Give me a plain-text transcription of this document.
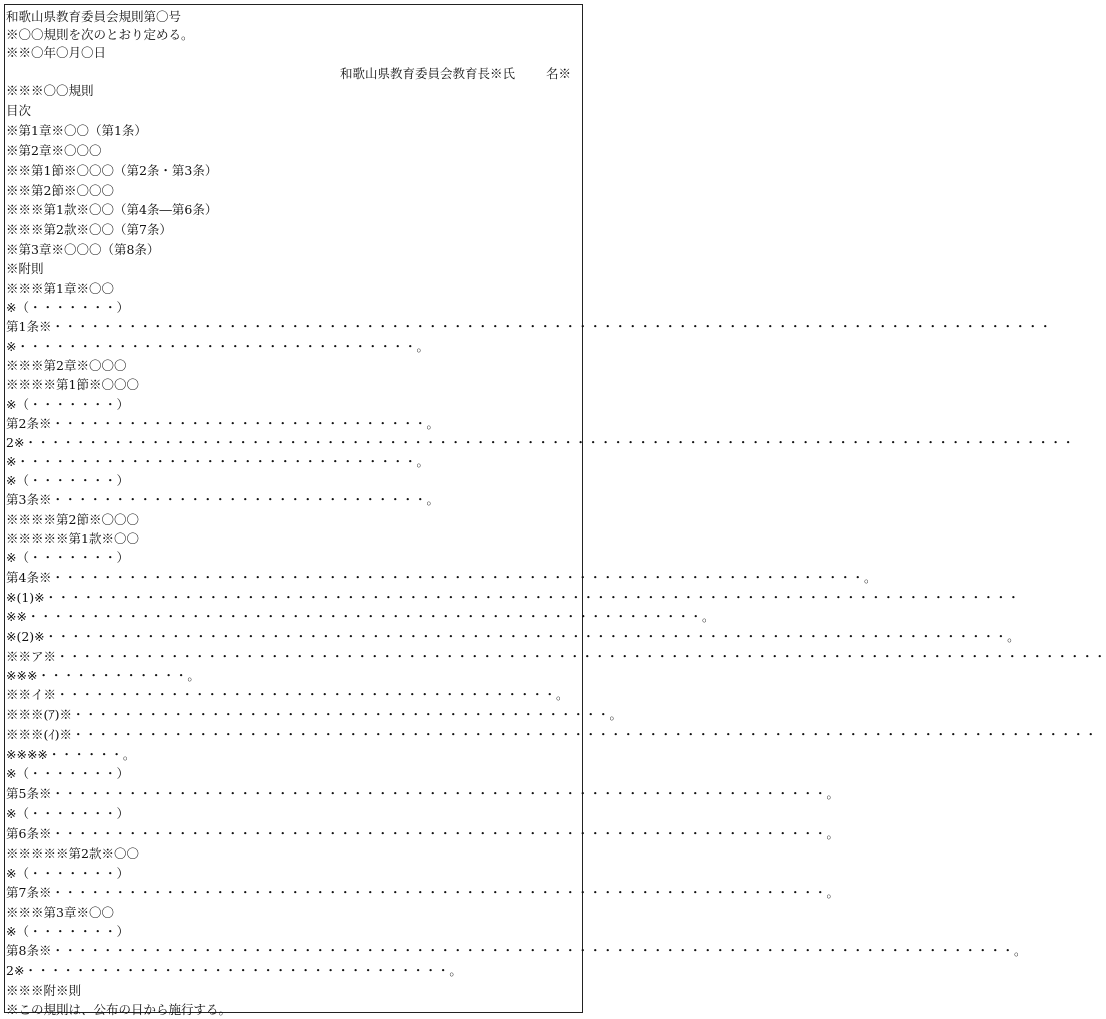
和歌山県教育委員会規則第〇号
※〇〇規則を次のとおり定める。
※※〇年〇月〇日
※※※〇〇規則
目次
※第1章※〇〇（第1条）
※第2章※〇〇〇
※※第1節※〇〇〇（第2条・第3条）
※※第2節※〇〇〇
※※※第1款※〇〇（第4条―第6条）
※※※第2款※〇〇（第7条）
※第3章※〇〇〇（第8条）
※附則
※※※第1章※〇〇
※（・・・・・・・）
第1条※・・・・・・・・・・・・・・・・・・・・・・・・・・・・・・・・・・・・・・・・・・・・・・・・・・・・・・・・・・・・・・・・・・・・・・・・・・・・・・・・
※・・・・・・・・・・・・・・・・・・・・・・・・・・・・・・・・。
※※※第2章※〇〇〇
※※※※第1節※〇〇〇
※（・・・・・・・）
第2条※・・・・・・・・・・・・・・・・・・・・・・・・・・・・・・。
2※・・・・・・・・・・・・・・・・・・・・・・・・・・・・・・・・・・・・・・・・・・・・・・・・・・・・・・・・・・・・・・・・・・・・・・・・・・・・・・・・・・・・
※・・・・・・・・・・・・・・・・・・・・・・・・・・・・・・・・。
※（・・・・・・・）
第3条※・・・・・・・・・・・・・・・・・・・・・・・・・・・・・・。
※※※※第2節※〇〇〇
※※※※※第1款※〇〇
※（・・・・・・・）
第4条※・・・・・・・・・・・・・・・・・・・・・・・・・・・・・・・・・・・・・・・・・・・・・・・・・・・・・・・・・・・・・・・・・。
※(1)※・・・・・・・・・・・・・・・・・・・・・・・・・・・・・・・・・・・・・・・・・・・・・・・・・・・・・・・・・・・・・・・・・・・・・・・・・・・・・・
※※・・・・・・・・・・・・・・・・・・・・・・・・・・・・・・・・・・・・・・・・・・・・・・・・・・・・・・。
※(2)※・・・・・・・・・・・・・・・・・・・・・・・・・・・・・・・・・・・・・・・・・・・・・・・・・・・・・・・・・・・・・・・・・・・・・・・・・・・・・。
※※ア※・・・・・・・・・・・・・・・・・・・・・・・・・・・・・・・・・・・・・・・・・・・・・・・・・・・・・・・・・・・・・・・・・・・・・・・・・・・・・・・・・・・・
※※※・・・・・・・・・・・・。
※※イ※・・・・・・・・・・・・・・・・・・・・・・・・・・・・・・・・・・・・・・・・。
※※※(ｱ)※・・・・・・・・・・・・・・・・・・・・・・・・・・・・・・・・・・・・・・・・・・・。
※※※(ｲ)※・・・・・・・・・・・・・・・・・・・・・・・・・・・・・・・・・・・・・・・・・・・・・・・・・・・・・・・・・・・・・・・・・・・・・・・・・・・・・・・・・・
※※※※・・・・・・。
※（・・・・・・・）
第5条※・・・・・・・・・・・・・・・・・・・・・・・・・・・・・・・・・・・・・・・・・・・・・・・・・・・・・・・・・・・・・・。
※（・・・・・・・）
第6条※・・・・・・・・・・・・・・・・・・・・・・・・・・・・・・・・・・・・・・・・・・・・・・・・・・・・・・・・・・・・・・。
※※※※※第2款※〇〇
※（・・・・・・・）
第7条※・・・・・・・・・・・・・・・・・・・・・・・・・・・・・・・・・・・・・・・・・・・・・・・・・・・・・・・・・・・・・・。
※※※第3章※〇〇
※（・・・・・・・）
第8条※・・・・・・・・・・・・・・・・・・・・・・・・・・・・・・・・・・・・・・・・・・・・・・・・・・・・・・・・・・・・・・・・・・・・・・・・・・・・・。
2※・・・・・・・・・・・・・・・・・・・・・・・・・・・・・・・・・・。
※※※附※則
※この規則は、公布の日から施行する。
和歌山県教育委員会教育長※氏 名※
